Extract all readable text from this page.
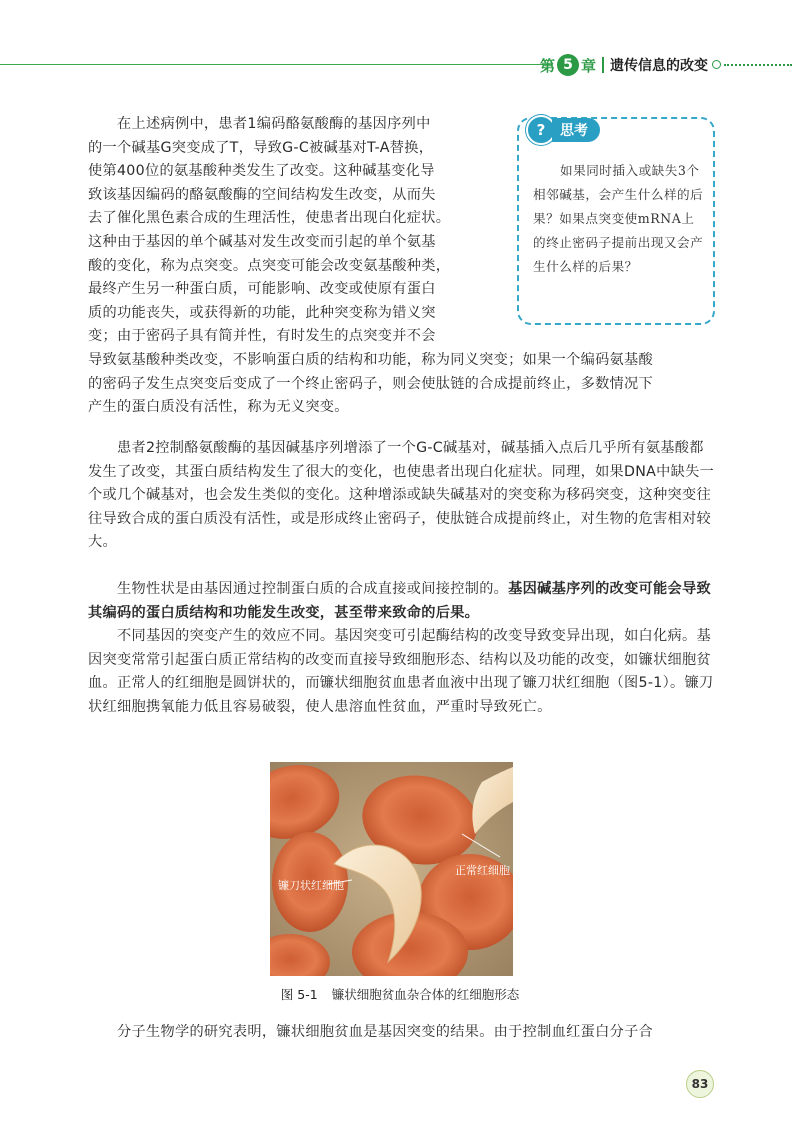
第 5 章 遗传信息的改变

在上述病例中，患者1编码酪氨酸酶的基因序列中

的一个碱基G突变成了T，导致G-C被碱基对T-A替换，

使第400位的氨基酸种类发生了改变。这种碱基变化导

致该基因编码的酪氨酸酶的空间结构发生改变，从而失

去了催化黑色素合成的生理活性，使患者出现白化症状。

这种由于基因的单个碱基对发生改变而引起的单个氨基

酸的变化，称为点突变。点突变可能会改变氨基酸种类，

最终产生另一种蛋白质，可能影响、改变或使原有蛋白

质的功能丧失，或获得新的功能，此种突变称为错义突

变；由于密码子具有简并性，有时发生的点突变并不会

导致氨基酸种类改变，不影响蛋白质的结构和功能，称为同义突变；如果一个编码氨基酸

的密码子发生点突变后变成了一个终止密码子，则会使肽链的合成提前终止，多数情况下

产生的蛋白质没有活性，称为无义突变。

?	思考
如果同时插入或缺失3个相邻碱基，会产生什么样的后果？如果点突变使mRNA上的终止密码子提前出现又会产生什么样的后果？

患者2控制酪氨酸酶的基因碱基序列增添了一个G-C碱基对，碱基插入点后几乎所有氨基酸都发生了改变，其蛋白质结构发生了很大的变化，也使患者出现白化症状。同理，如果DNA中缺失一个或几个碱基对，也会发生类似的变化。这种增添或缺失碱基对的突变称为移码突变，这种突变往往导致合成的蛋白质没有活性，或是形成终止密码子，使肽链合成提前终止，对生物的危害相对较大。

生物性状是由基因通过控制蛋白质的合成直接或间接控制的。基因碱基序列的改变可能会导致其编码的蛋白质结构和功能发生改变，甚至带来致命的后果。

不同基因的突变产生的效应不同。基因突变可引起酶结构的改变导致变异出现，如白化病。基因突变常常引起蛋白质正常结构的改变而直接导致细胞形态、结构以及功能的改变，如镰状细胞贫血。正常人的红细胞是圆饼状的，而镰状细胞贫血患者血液中出现了镰刀状红细胞（图5-1）。镰刀状红细胞携氧能力低且容易破裂，使人患溶血性贫血，严重时导致死亡。

镰刀状红细胞
正常红细胞
图 5-1 镰状细胞贫血杂合体的红细胞形态

分子生物学的研究表明，镰状细胞贫血是基因突变的结果。由于控制血红蛋白分子合

83
